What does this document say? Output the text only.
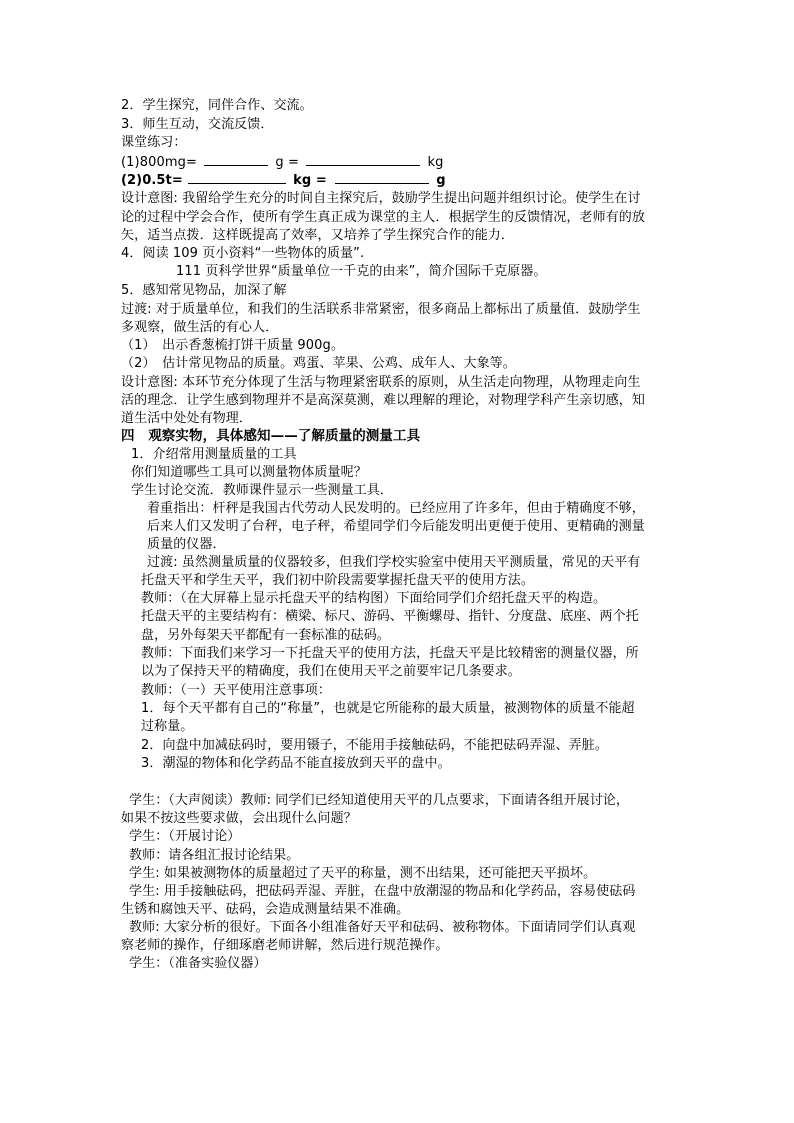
2．学生探究，同伴合作、交流。
3．师生互动，交流反馈．
课堂练习：
(1)800mg=	g =	kg
(2)0.5t=	kg =	g
设计意图: 我留给学生充分的时间自主探究后，鼓励学生提出问题并组织讨论。使学生在讨
论的过程中学会合作，使所有学生真正成为课堂的主人．根据学生的反馈情况，老师有的放
矢，适当点拨．这样既提高了效率，又培养了学生探究合作的能力．
4．阅读 109 页小资料“一些物体的质量”.
111 页科学世界“质量单位一千克的由来”，简介国际千克原器。
5．感知常见物品，加深了解
过渡: 对于质量单位，和我们的生活联系非常紧密，很多商品上都标出了质量值．鼓励学生
多观察，做生活的有心人．
（1）　出示香葱梳打饼干质量 900g。
（2）　估计常见物品的质量。鸡蛋、苹果、公鸡、成年人、大象等。
设计意图: 本环节充分体现了生活与物理紧密联系的原则，从生活走向物理，从物理走向生
活的理念．让学生感到物理并不是高深莫测，难以理解的理论，对物理学科产生亲切感，知
道生活中处处有物理．
四　观察实物，具体感知——了解质量的测量工具
1．介绍常用测量质量的工具
你们知道哪些工具可以测量物体质量呢？
学生讨论交流．教师课件显示一些测量工具．
着重指出：杆秤是我国古代劳动人民发明的。已经应用了许多年，但由于精确度不够，
后来人们又发明了台秤，电子秤，希望同学们今后能发明出更便于使用、更精确的测量
质量的仪器．
过渡: 虽然测量质量的仪器较多，但我们学校实验室中使用天平测质量，常见的天平有
托盘天平和学生天平，我们初中阶段需要掌握托盘天平的使用方法。
教师：（在大屏幕上显示托盘天平的结构图）下面给同学们介绍托盘天平的构造。
托盘天平的主要结构有：横梁、标尺、游码、平衡螺母、指针、分度盘、底座、两个托
盘，另外每架天平都配有一套标准的砝码。
教师：下面我们来学习一下托盘天平的使用方法，托盘天平是比较精密的测量仪器，所
以为了保持天平的精确度，我们在使用天平之前要牢记几条要求。
教师：（一）天平使用注意事项：
1．每个天平都有自己的“称量”，也就是它所能称的最大质量，被测物体的质量不能超
过称量。
2．向盘中加减砝码时，要用镊子，不能用手接触砝码，不能把砝码弄湿、弄脏。
3．潮湿的物体和化学药品不能直接放到天平的盘中。
学生：（大声阅读）教师: 同学们已经知道使用天平的几点要求，下面请各组开展讨论，
如果不按这些要求做，会出现什么问题？
学生：（开展讨论）
教师：请各组汇报讨论结果。
学生: 如果被测物体的质量超过了天平的称量，测不出结果，还可能把天平损坏。
学生: 用手接触砝码，把砝码弄湿、弄脏，在盘中放潮湿的物品和化学药品，容易使砝码
生锈和腐蚀天平、砝码，会造成测量结果不准确。
教师: 大家分析的很好。下面各小组准备好天平和砝码、被称物体。下面请同学们认真观
察老师的操作，仔细琢磨老师讲解，然后进行规范操作。
学生：（准备实验仪器）
